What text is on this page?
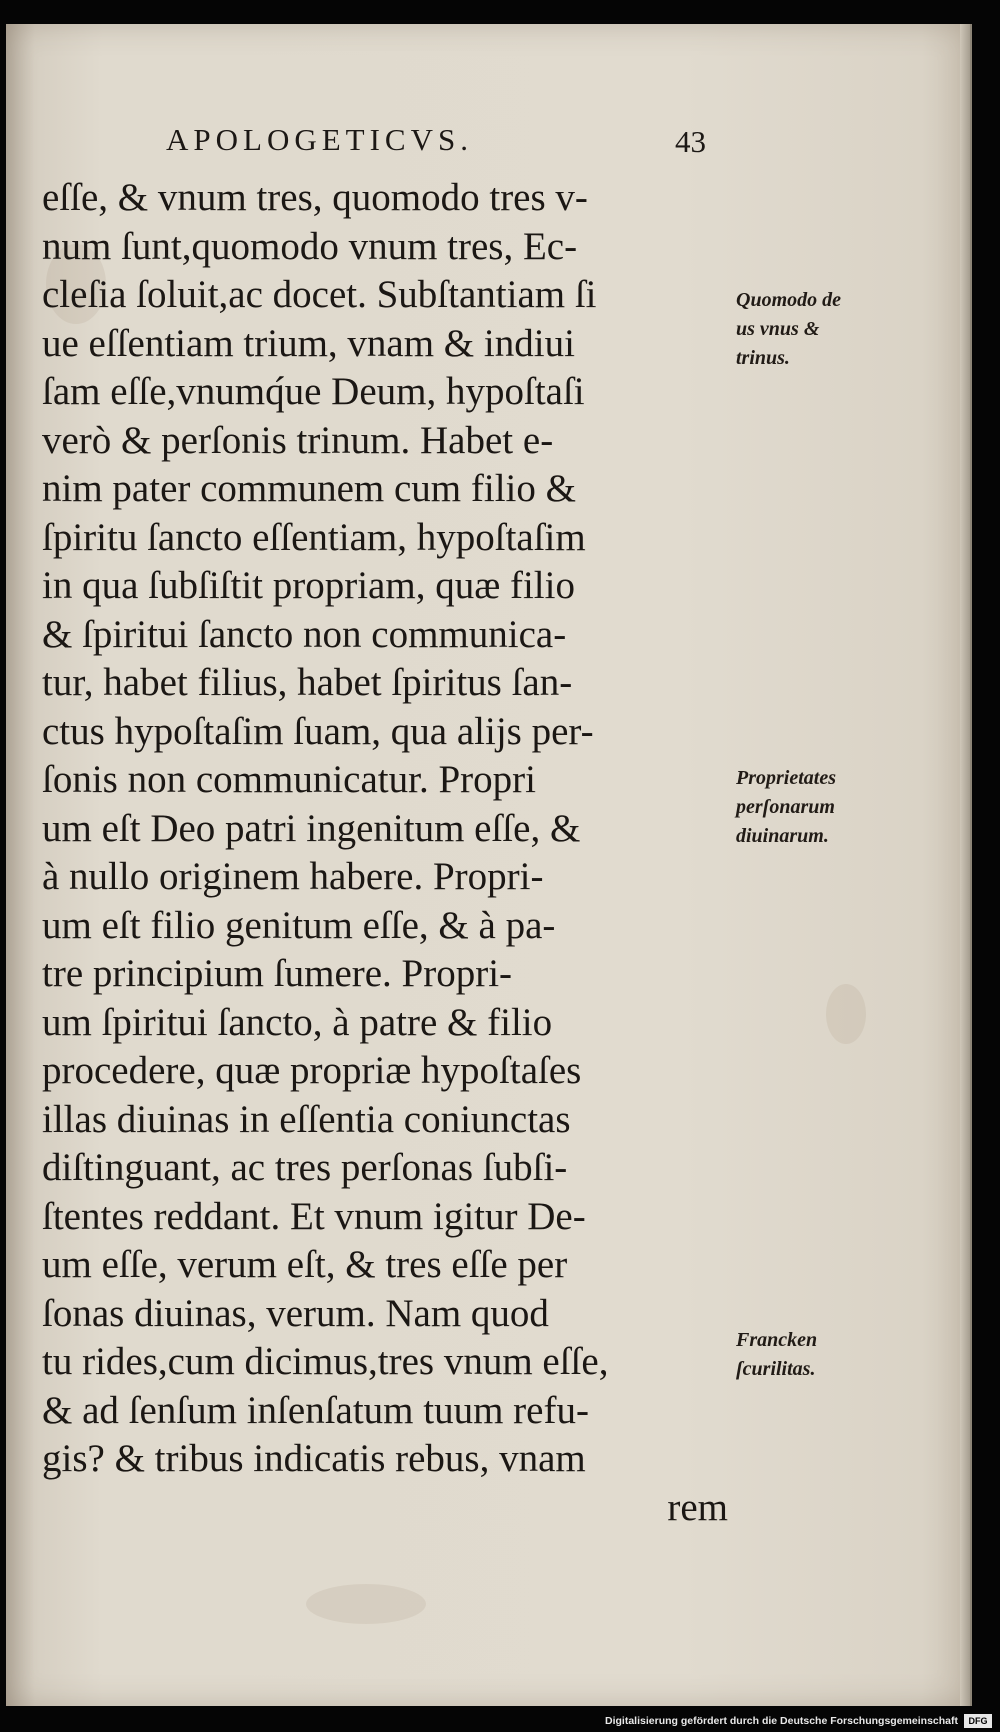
APOLOGETICVS.	43
eſſe, & vnum tres, quomodo tres v-
num ſunt,quomodo vnum tres, Ec-
cleſia ſoluit,ac docet. Subſtantiam ſi
ue eſſentiam trium, vnam & indiui
ſam eſſe,vnumq́ue Deum, hypoſtaſi
verò & perſonis trinum. Habet e-
nim pater communem cum filio &
ſpiritu ſancto eſſentiam, hypoſtaſim
in qua ſubſiſtit propriam, quæ filio
& ſpiritui ſancto non communica-
tur, habet filius, habet ſpiritus ſan-
ctus hypoſtaſim ſuam, qua alijs per-
ſonis non communicatur. Propri
um eſt Deo patri ingenitum eſſe, &
à nullo originem habere. Propri-
um eſt filio genitum eſſe, & à pa-
tre principium ſumere. Propri-
um ſpiritui ſancto, à patre & filio
procedere, quæ propriæ hypoſtaſes
illas diuinas in eſſentia coniunctas
diſtinguant, ac tres perſonas ſubſi-
ſtentes reddant. Et vnum igitur De-
um eſſe, verum eſt, & tres eſſe per
ſonas diuinas, verum. Nam quod
tu rides,cum dicimus,tres vnum eſſe,
& ad ſenſum inſenſatum tuum refu-
gis? & tribus indicatis rebus, vnam
rem
Quomodo de
us vnus &
trinus.
Proprietates
perſonarum
diuinarum.
Francken
ſcurilitas.
Digitalisierung gefördert durch die Deutsche Forschungsgemeinschaft	DFG
